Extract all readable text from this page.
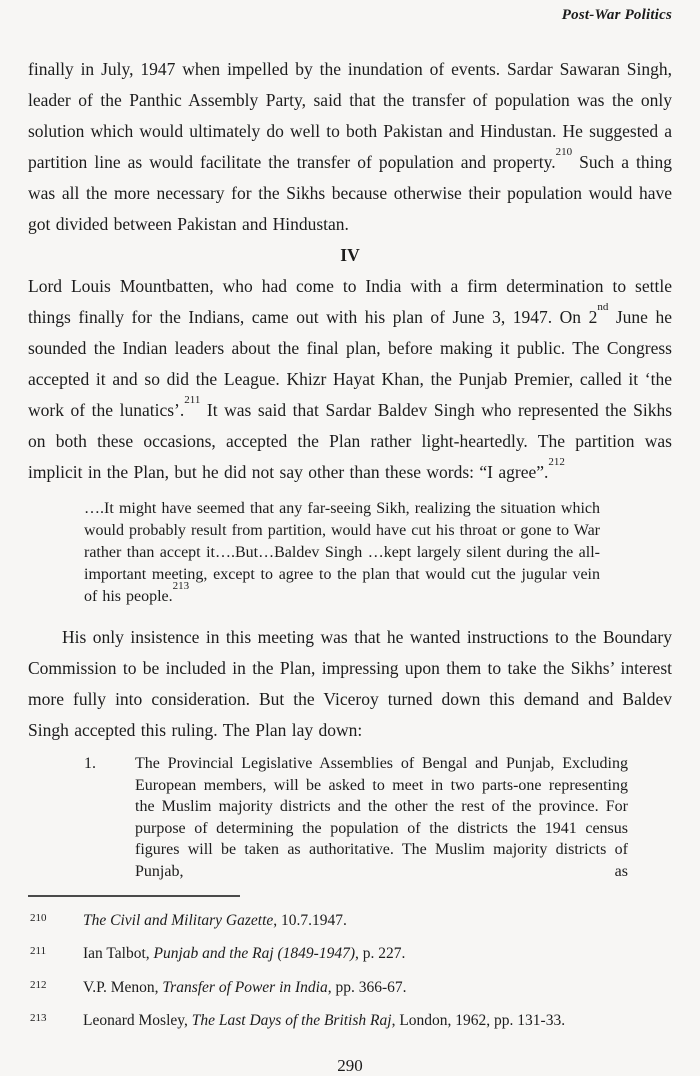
Post-War Politics

finally in July, 1947 when impelled by the inundation of events. Sardar Sawaran Singh, leader of the Panthic Assembly Party, said that the transfer of population was the only solution which would ultimately do well to both Pakistan and Hindustan. He suggested a partition line as would facilitate the transfer of population and property.$^{210}$ Such a thing was all the more necessary for the Sikhs because otherwise their population would have got divided between Pakistan and Hindustan.

IV

Lord Louis Mountbatten, who had come to India with a firm determination to settle things finally for the Indians, came out with his plan of June 3, 1947. On 2nd June he sounded the Indian leaders about the final plan, before making it public. The Congress accepted it and so did the League. Khizr Hayat Khan, the Punjab Premier, called it ‘the work of the lunatics’.$^{211}$ It was said that Sardar Baldev Singh who represented the Sikhs on both these occasions, accepted the Plan rather light-heartedly. The partition was implicit in the Plan, but he did not say other than these words: “I agree”.$^{212}$

….It might have seemed that any far-seeing Sikh, realizing the situation which would probably result from partition, would have cut his throat or gone to War rather than accept it….But…Baldev Singh …kept largely silent during the all-important meeting, except to agree to the plan that would cut the jugular vein of his people.$^{213}$

His only insistence in this meeting was that he wanted instructions to the Boundary Commission to be included in the Plan, impressing upon them to take the Sikhs’ interest more fully into consideration. But the Viceroy turned down this demand and Baldev Singh accepted this ruling. The Plan lay down:

1.	The Provincial Legislative Assemblies of Bengal and Punjab, Excluding European members, will be asked to meet in two parts-one representing the Muslim majority districts and the other the rest of the province. For purpose of determining the population of the districts the 1941 census figures will be taken as authoritative. The Muslim majority districts of Punjab, as
210 The Civil and Military Gazette, 10.7.1947.
211 Ian Talbot, Punjab and the Raj (1849-1947), p. 227.
212 V.P. Menon, Transfer of Power in India, pp. 366-67.
213 Leonard Mosley, The Last Days of the British Raj, London, 1962, pp. 131-33.
290
